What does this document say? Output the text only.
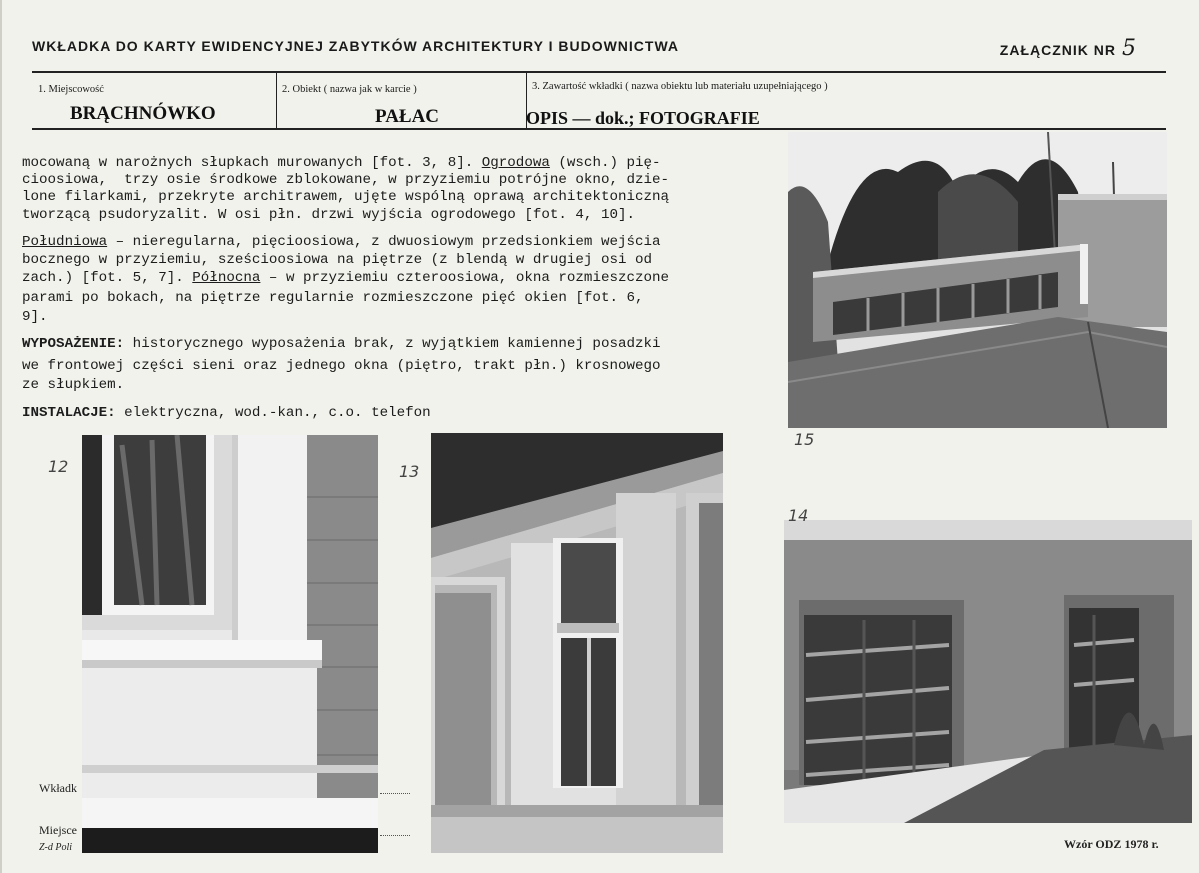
WKŁADKA DO KARTY EWIDENCYJNEJ ZABYTKÓW ARCHITEKTURY I BUDOWNICTWA	ZAŁĄCZNIK NR 5
1. Miejscowość
BRĄCHNÓWKO
2. Obiekt ( nazwa jak w karcie )
PAŁAC
3. Zawartość wkładki ( nazwa obiektu lub materiału uzupełniającego )
OPIS — dok.; FOTOGRAFIE
mocowaną w narożnych słupkach murowanych [fot. 3, 8]. Ogrodowa (wsch.) pię-
cioosiowa,  trzy osie środkowe zblokowane, w przyziemiu potrójne okno, dzie-
lone filarkami, przekryte architrawem, ujęte wspólną oprawą architektoniczną
tworzącą psudoryzalit. W osi płn. drzwi wyjścia ogrodowego [fot. 4, 10].
Południowa – nieregularna, pięcioosiowa, z dwuosiowym przedsionkiem wejścia
bocznego w przyziemiu, sześcioosiowa na piętrze (z blendą w drugiej osi od
zach.) [fot. 5, 7]. Północna – w przyziemiu czteroosiowa, okna rozmieszczone
parami po bokach, na piętrze regularnie rozmieszczone pięć okien [fot. 6,
9].
WYPOSAŻENIE: historycznego wyposażenia brak, z wyjątkiem kamiennej posadzki
we frontowej części sieni oraz jednego okna (piętro, trakt płn.) krosnowego
ze słupkiem.
INSTALACJE: elektryczna, wod.-kan., c.o. telefon
Wkładk
Miejsce
Z-d Poli	Wzór ODZ 1978 r.
15
12	13
14
